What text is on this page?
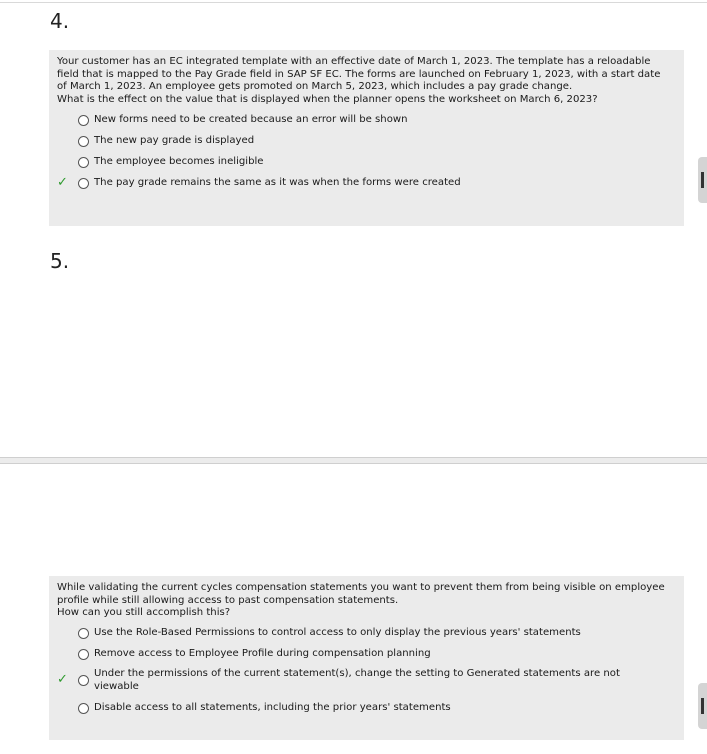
4.

Your customer has an EC integrated template with an effective date of March 1, 2023. The template has a reloadable
field that is mapped to the Pay Grade field in SAP SF EC. The forms are launched on February 1, 2023, with a start date
of March 1, 2023. An employee gets promoted on March 5, 2023, which includes a pay grade change.
What is the effect on the value that is displayed when the planner opens the worksheet on March 6, 2023?

New forms need to be created because an error will be shown
The new pay grade is displayed
The employee becomes ineligible
✓	The pay grade remains the same as it was when the forms were created
5.

While validating the current cycles compensation statements you want to prevent them from being visible on employee
profile while still allowing access to past compensation statements.
How can you still accomplish this?

Use the Role-Based Permissions to control access to only display the previous years' statements
Remove access to Employee Profile during compensation planning
✓	Under the permissions of the current statement(s), change the setting to Generated statements are not viewable
Disable access to all statements, including the prior years' statements
